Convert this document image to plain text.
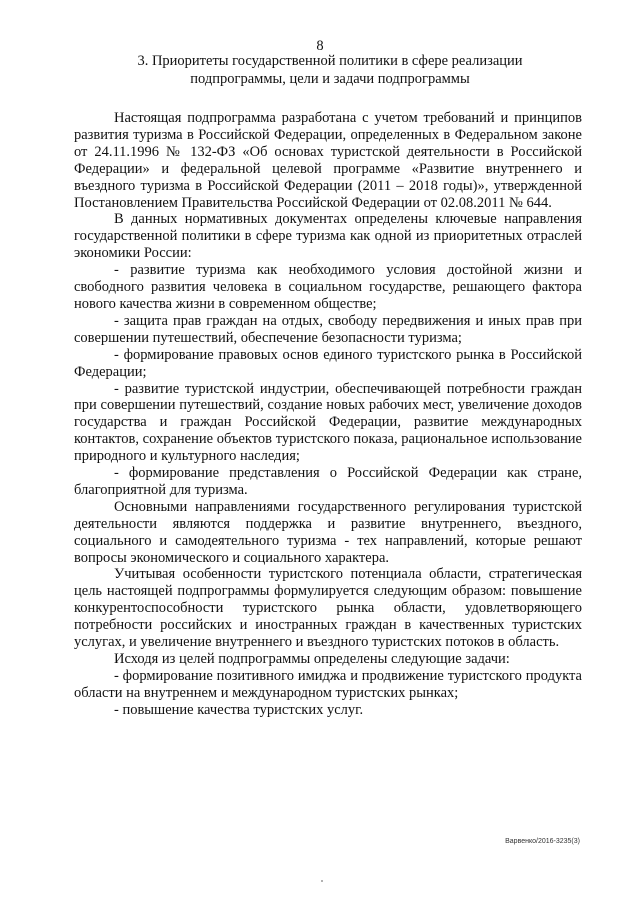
8
3. Приоритеты государственной политики в сфере реализации
подпрограммы, цели и задачи подпрограммы

Настоящая подпрограмма разработана с учетом требований и принципов развития туризма в Российской Федерации, определенных в Федеральном законе от 24.11.1996 № 132-ФЗ «Об основах туристской деятельности в Российской Федерации» и федеральной целевой программе «Развитие внутреннего и въездного туризма в Российской Федерации (2011 – 2018 годы)», утвержденной Постановлением Правительства Российской Федерации от 02.08.2011 № 644.

В данных нормативных документах определены ключевые направления государственной политики в сфере туризма как одной из приоритетных отраслей экономики России:

- развитие туризма как необходимого условия достойной жизни и свободного развития человека в социальном государстве, решающего фактора нового качества жизни в современном обществе;

- защита прав граждан на отдых, свободу передвижения и иных прав при совершении путешествий, обеспечение безопасности туризма;

- формирование правовых основ единого туристского рынка в Российской Федерации;

- развитие туристской индустрии, обеспечивающей потребности граждан при совершении путешествий, создание новых рабочих мест, увеличение доходов государства и граждан Российской Федерации, развитие международных контактов, сохранение объектов туристского показа, рациональное использование природного и культурного наследия;

- формирование представления о Российской Федерации как стране, благоприятной для туризма.

Основными направлениями государственного регулирования туристской деятельности являются поддержка и развитие внутреннего, въездного, социального и самодеятельного туризма - тех направлений, которые решают вопросы экономического и социального характера.

Учитывая особенности туристского потенциала области, стратегическая цель настоящей подпрограммы формулируется следующим образом: повышение конкурентоспособности туристского рынка области, удовлетворяющего потребности российских и иностранных граждан в качественных туристских услугах, и увеличение внутреннего и въездного туристских потоков в область.

Исходя из целей подпрограммы определены следующие задачи:

- формирование позитивного имиджа и продвижение туристского продукта области на внутреннем и международном туристских рынках;

- повышение качества туристских услуг.

Варвенко/2016-3235(3)
